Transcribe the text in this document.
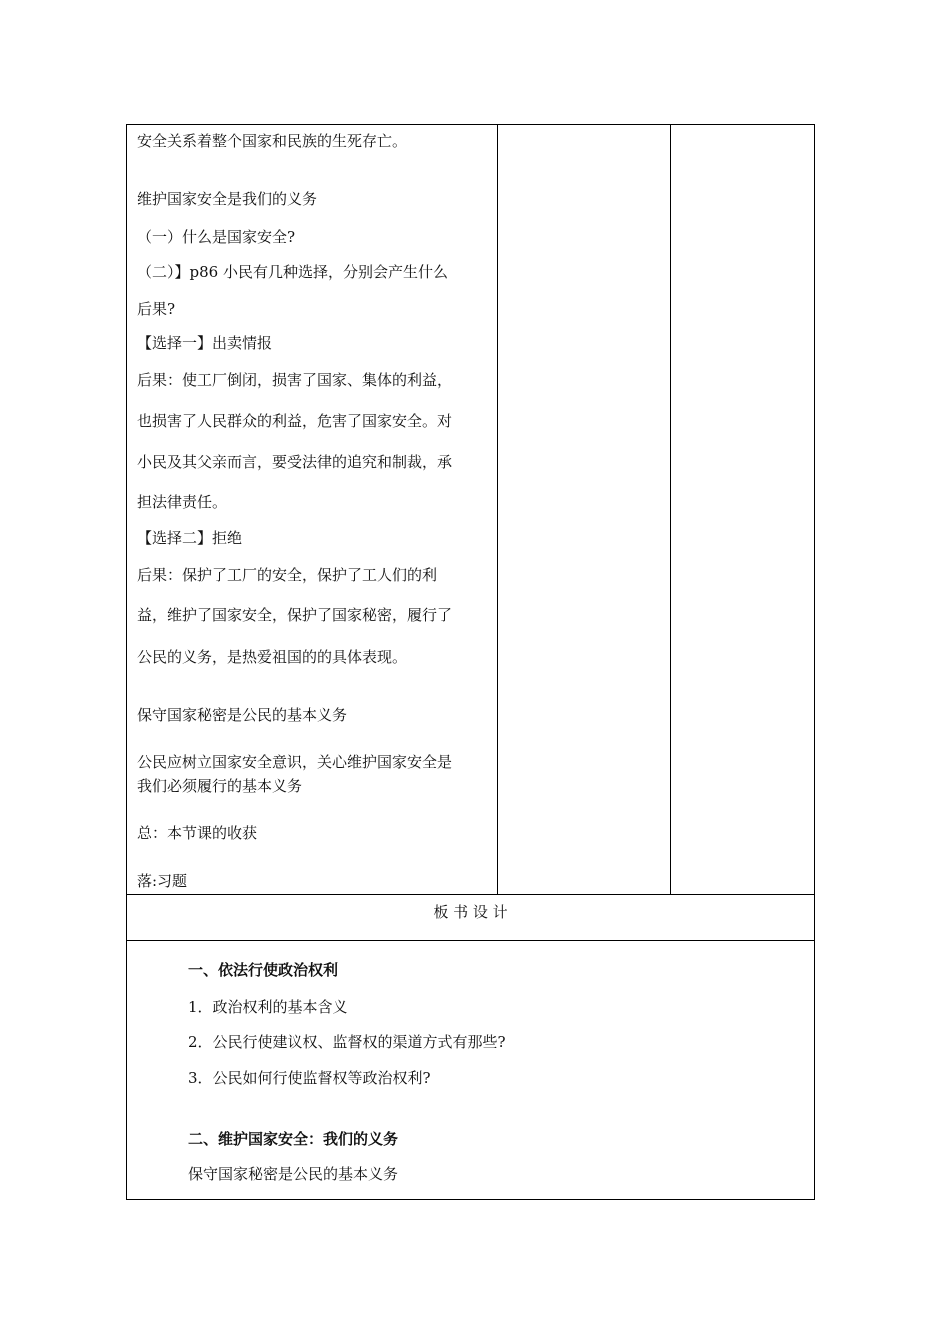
安全关系着整个国家和民族的生死存亡。
维护国家安全是我们的义务
（一）什么是国家安全?
（二）】p86 小民有几种选择，分别会产生什么
后果?
【选择一】出卖情报
后果：使工厂倒闭，损害了国家、集体的利益，
也损害了人民群众的利益，危害了国家安全。对
小民及其父亲而言，要受法律的追究和制裁，承
担法律责任。
【选择二】拒绝
后果：保护了工厂的安全，保护了工人们的利
益，维护了国家安全，保护了国家秘密，履行了
公民的义务，是热爱祖国的的具体表现。
保守国家秘密是公民的基本义务
公民应树立国家安全意识，关心维护国家安全是
我们必须履行的基本义务
总：本节课的收获
落:习题
板 书 设 计
一、依法行使政治权利
1．政治权利的基本含义
2．公民行使建议权、监督权的渠道方式有那些?
3．公民如何行使监督权等政治权利?
二、维护国家安全：我们的义务
保守国家秘密是公民的基本义务
